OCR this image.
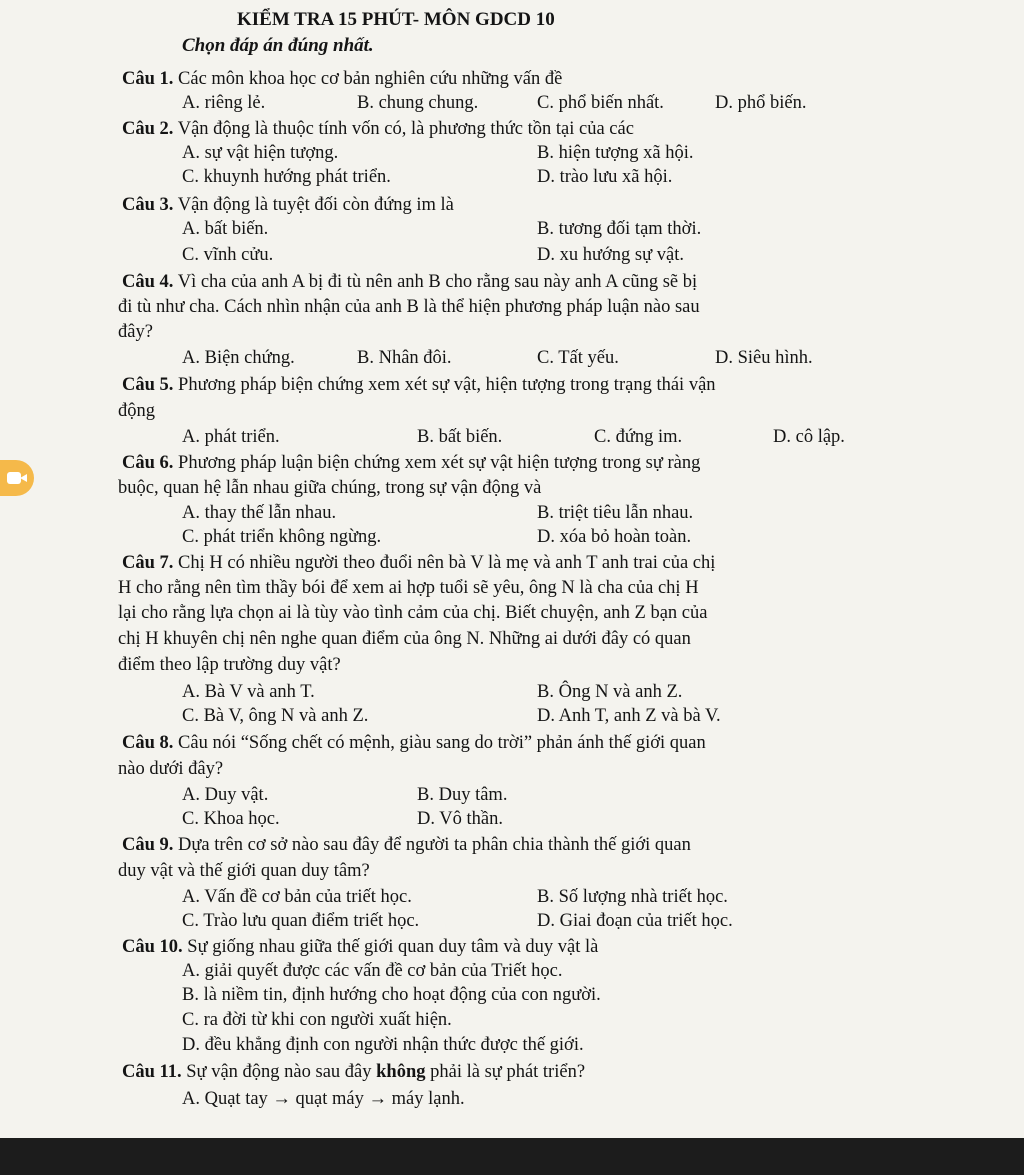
KIỂM TRA 15 PHÚT- MÔN GDCD 10
Chọn đáp án đúng nhất.
Câu 1. Các môn khoa học cơ bản nghiên cứu những vấn đề
A. riêng lẻ.	B. chung chung.	C. phổ biến nhất.	D. phổ biến.
Câu 2. Vận động là thuộc tính vốn có, là phương thức tồn tại của các
A. sự vật hiện tượng.	B. hiện tượng xã hội.
C. khuynh hướng phát triển.	D. trào lưu xã hội.
Câu 3. Vận động là tuyệt đối còn đứng im là
A. bất biến.	B. tương đối tạm thời.
C. vĩnh cửu.	D. xu hướng sự vật.
Câu 4. Vì cha của anh A bị đi tù nên anh B cho rằng sau này anh A cũng sẽ bị
đi tù như cha. Cách nhìn nhận của anh B là thể hiện phương pháp luận nào sau
đây?
A. Biện chứng.	B. Nhân đôi.	C. Tất yếu.	D. Siêu hình.
Câu 5. Phương pháp biện chứng xem xét sự vật, hiện tượng trong trạng thái vận
động
A. phát triển.	B. bất biến.	C. đứng im.	D. cô lập.
Câu 6. Phương pháp luận biện chứng xem xét sự vật hiện tượng trong sự ràng
buộc, quan hệ lẫn nhau giữa chúng, trong sự vận động và
A. thay thế lẫn nhau.	B. triệt tiêu lẫn nhau.
C. phát triển không ngừng.	D. xóa bỏ hoàn toàn.
Câu 7. Chị H có nhiều người theo đuổi nên bà V là mẹ và anh T anh trai của chị
H cho rằng nên tìm thầy bói để xem ai hợp tuổi sẽ yêu, ông N là cha của chị H
lại cho rằng lựa chọn ai là tùy vào tình cảm của chị. Biết chuyện, anh Z bạn của
chị H khuyên chị nên nghe quan điểm của ông N. Những ai dưới đây có quan
điểm theo lập trường duy vật?
A. Bà V và anh T.	B. Ông N và anh Z.
C. Bà V, ông N và anh Z.	D. Anh T, anh Z và bà V.
Câu 8. Câu nói “Sống chết có mệnh, giàu sang do trời” phản ánh thế giới quan
nào dưới đây?
A. Duy vật.	B. Duy tâm.
C. Khoa học.	D. Vô thần.
Câu 9. Dựa trên cơ sở nào sau đây để người ta phân chia thành thế giới quan
duy vật và thế giới quan duy tâm?
A. Vấn đề cơ bản của triết học.	B. Số lượng nhà triết học.
C. Trào lưu quan điểm triết học.	D. Giai đoạn của triết học.
Câu 10. Sự giống nhau giữa thế giới quan duy tâm và duy vật là
A. giải quyết được các vấn đề cơ bản của Triết học.
B. là niềm tin, định hướng cho hoạt động của con người.
C. ra đời từ khi con người xuất hiện.
D. đều khẳng định con người nhận thức được thế giới.
Câu 11. Sự vận động nào sau đây không phải là sự phát triển?
A. Quạt tay → quạt máy → máy lạnh.
